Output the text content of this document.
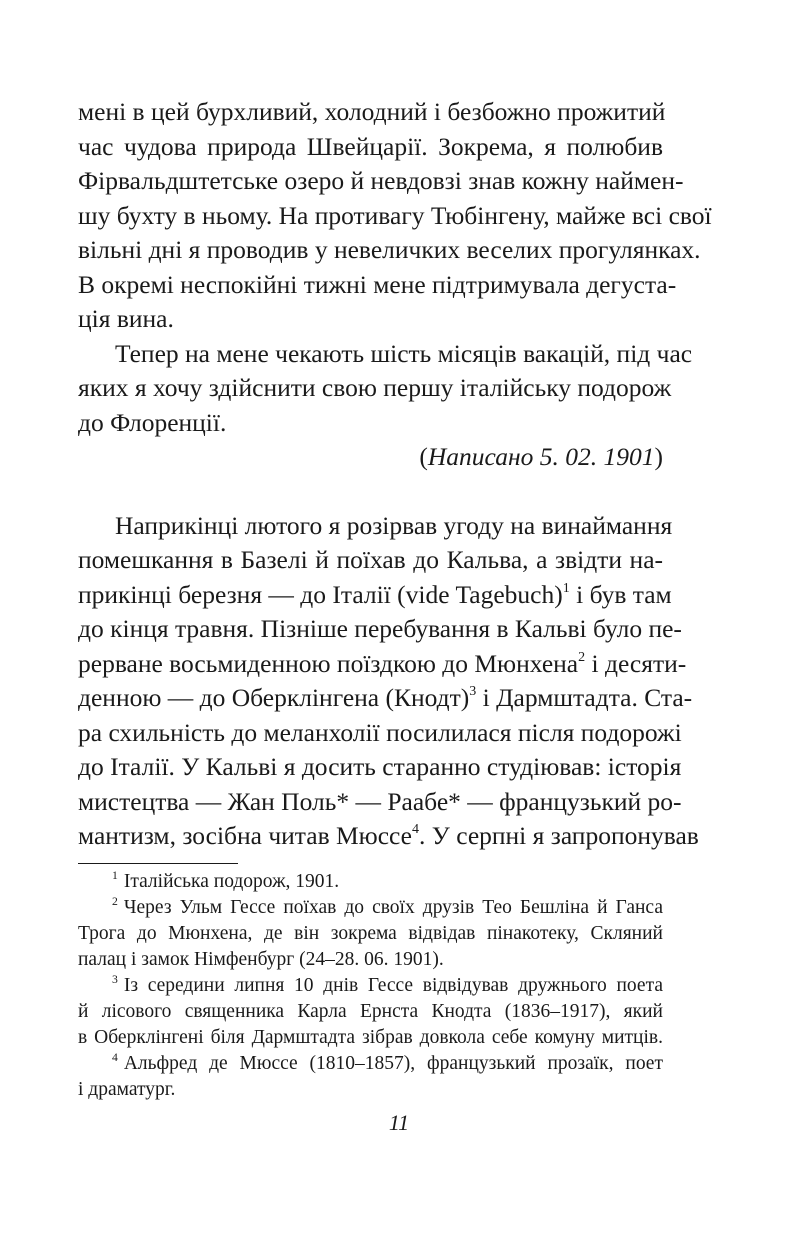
мені в цей бурхливий, холодний і безбожно прожитий
час чудова природа Швейцарії. Зокрема, я полюбив
Фірвальдштетське озеро й невдовзі знав кожну наймен-
шу бухту в ньому. На противагу Тюбінгену, майже всі свої
вільні дні я проводив у невеличких веселих прогулянках.
В окремі неспокійні тижні мене підтримувала дегуста-
ція вина.
Тепер на мене чекають шість місяців вакацій, під час
яких я хочу здійснити свою першу італійську подорож
до Флоренції.

(Написано 5. 02. 1901)

Наприкінці лютого я розірвав угоду на винаймання
помешкання в Базелі й поїхав до Кальва, а звідти на-
прикінці березня — до Італії (vide Tagebuch)$^1$ і був там
до кінця травня. Пізніше перебування в Кальві було пе-
рерване восьмиденною поїздкою до Мюнхена$^2$ і десяти-
денною — до Оберклінгена (Кнодт)$^3$ і Дармштадта. Ста-
ра схильність до меланхолії посилилася після подорожі
до Італії. У Кальві я досить старанно студіював: історія
мистецтва — Жан Поль* — Раабе* — французький ро-
мантизм, зосібна читав Мюссе$^4$. У серпні я запропонував
$^1$ Італійська подорож, 1901.
$^2$ Через Ульм Гессе поїхав до своїх друзів Тео Бешліна й Ганса
Трога до Мюнхена, де він зокрема відвідав пінакотеку, Скляний
палац і замок Німфенбург (24–28. 06. 1901).
$^3$ Із середини липня 10 днів Гессе відвідував дружнього поета
й лісового священника Карла Ернста Кнодта (1836–1917), який
в Оберклінгені біля Дармштадта зібрав довкола себе комуну митців.
$^4$ Альфред де Мюссе (1810–1857), французький прозаїк, поет
і драматург.
11
